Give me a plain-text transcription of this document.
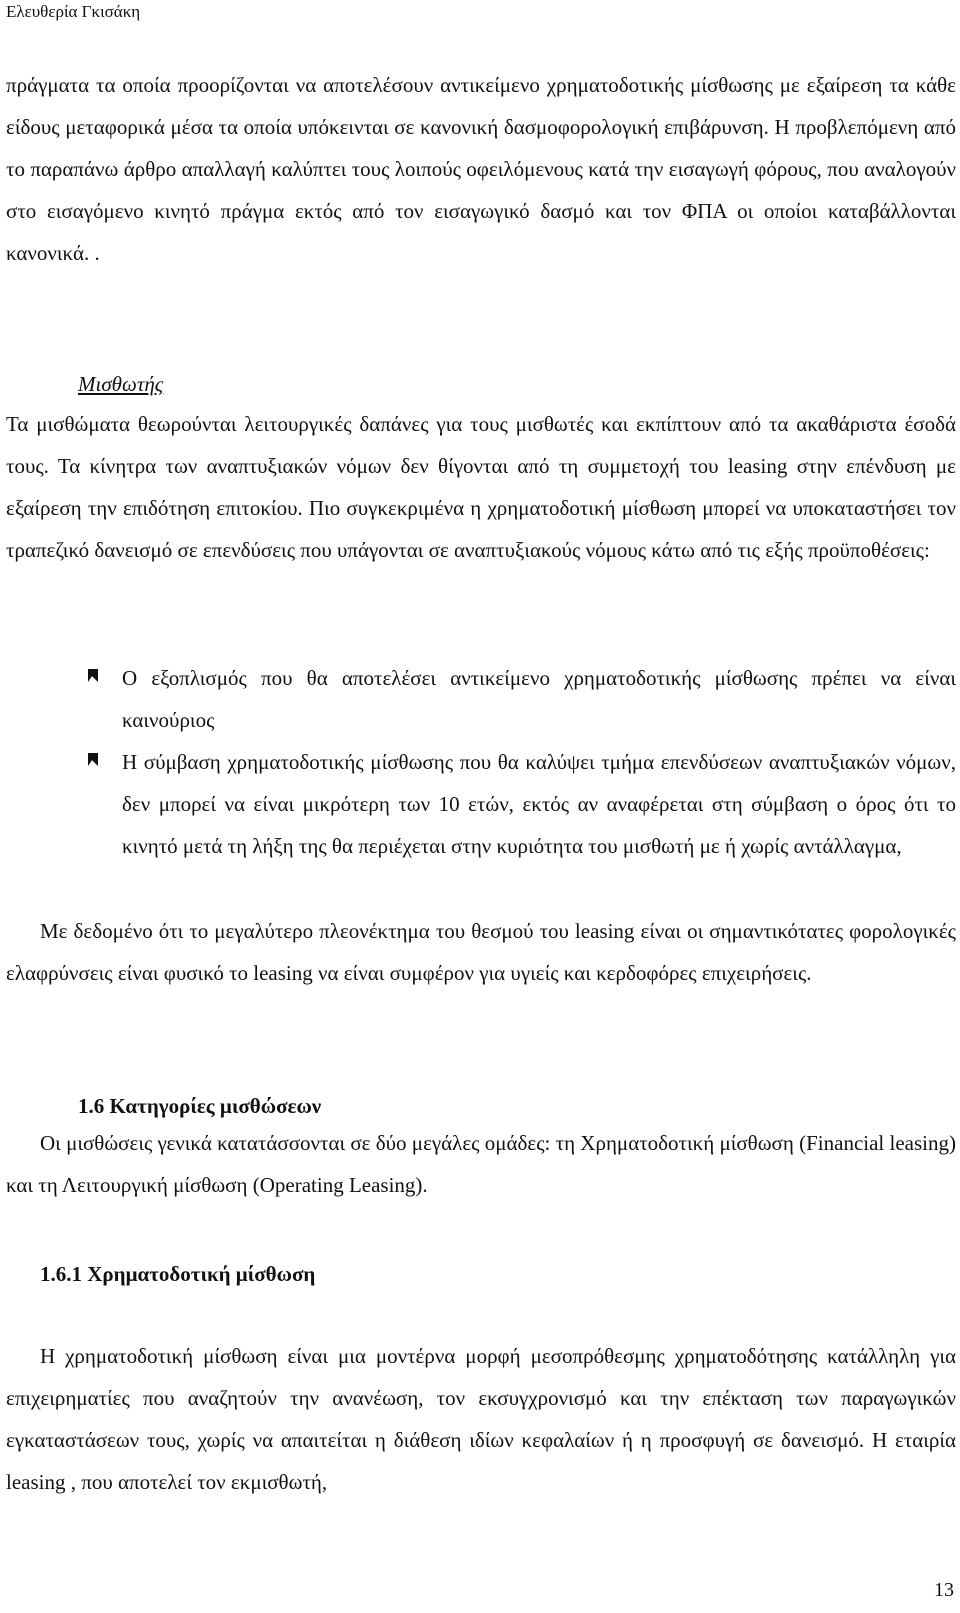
Ελευθερία Γκισάκη

πράγματα τα οποία προορίζονται να αποτελέσουν αντικείμενο χρηματοδοτικής μίσθωσης με εξαίρεση τα κάθε είδους μεταφορικά μέσα τα οποία υπόκεινται σε κανονική δασμοφορολογική επιβάρυνση. Η προβλεπόμενη από το παραπάνω άρθρο απαλλαγή καλύπτει τους λοιπούς οφειλόμενους κατά την εισαγωγή φόρους, που αναλογούν στο εισαγόμενο κινητό πράγμα εκτός από τον εισαγωγικό δασμό και τον ΦΠΑ οι οποίοι καταβάλλονται κανονικά. .

Μισθωτής

Τα μισθώματα θεωρούνται λειτουργικές δαπάνες για τους μισθωτές και εκπίπτουν από τα ακαθάριστα έσοδά τους. Τα κίνητρα των αναπτυξιακών νόμων δεν θίγονται από τη συμμετοχή του leasing στην επένδυση με εξαίρεση την επιδότηση επιτοκίου. Πιο συγκεκριμένα η χρηματοδοτική μίσθωση μπορεί να υποκαταστήσει τον τραπεζικό δανεισμό σε επενδύσεις που υπάγονται σε αναπτυξιακούς νόμους κάτω από τις εξής προϋποθέσεις:

Ο εξοπλισμός που θα αποτελέσει αντικείμενο χρηματοδοτικής μίσθωσης πρέπει να είναι καινούριος
Η σύμβαση χρηματοδοτικής μίσθωσης που θα καλύψει τμήμα επενδύσεων αναπτυξιακών νόμων, δεν μπορεί να είναι μικρότερη των 10 ετών, εκτός αν αναφέρεται στη σύμβαση ο όρος ότι το κινητό μετά τη λήξη της θα περιέχεται στην κυριότητα του μισθωτή με ή χωρίς αντάλλαγμα,

Με δεδομένο ότι το μεγαλύτερο πλεονέκτημα του θεσμού του leasing είναι οι σημαντικότατες φορολογικές ελαφρύνσεις είναι φυσικό το leasing να είναι συμφέρον για υγιείς και κερδοφόρες επιχειρήσεις.

1.6 Κατηγορίες μισθώσεων

Οι μισθώσεις γενικά κατατάσσονται σε δύο μεγάλες ομάδες: τη Χρηματοδοτική μίσθωση (Financial leasing) και τη Λειτουργική μίσθωση (Operating Leasing).

1.6.1 Χρηματοδοτική μίσθωση

Η χρηματοδοτική μίσθωση είναι μια μοντέρνα μορφή μεσοπρόθεσμης χρηματοδότησης κατάλληλη για επιχειρηματίες που αναζητούν την ανανέωση, τον εκσυγχρονισμό και την επέκταση των παραγωγικών εγκαταστάσεων τους, χωρίς να απαιτείται η διάθεση ιδίων κεφαλαίων ή η προσφυγή σε δανεισμό. Η εταιρία leasing , που αποτελεί τον εκμισθωτή,

13
